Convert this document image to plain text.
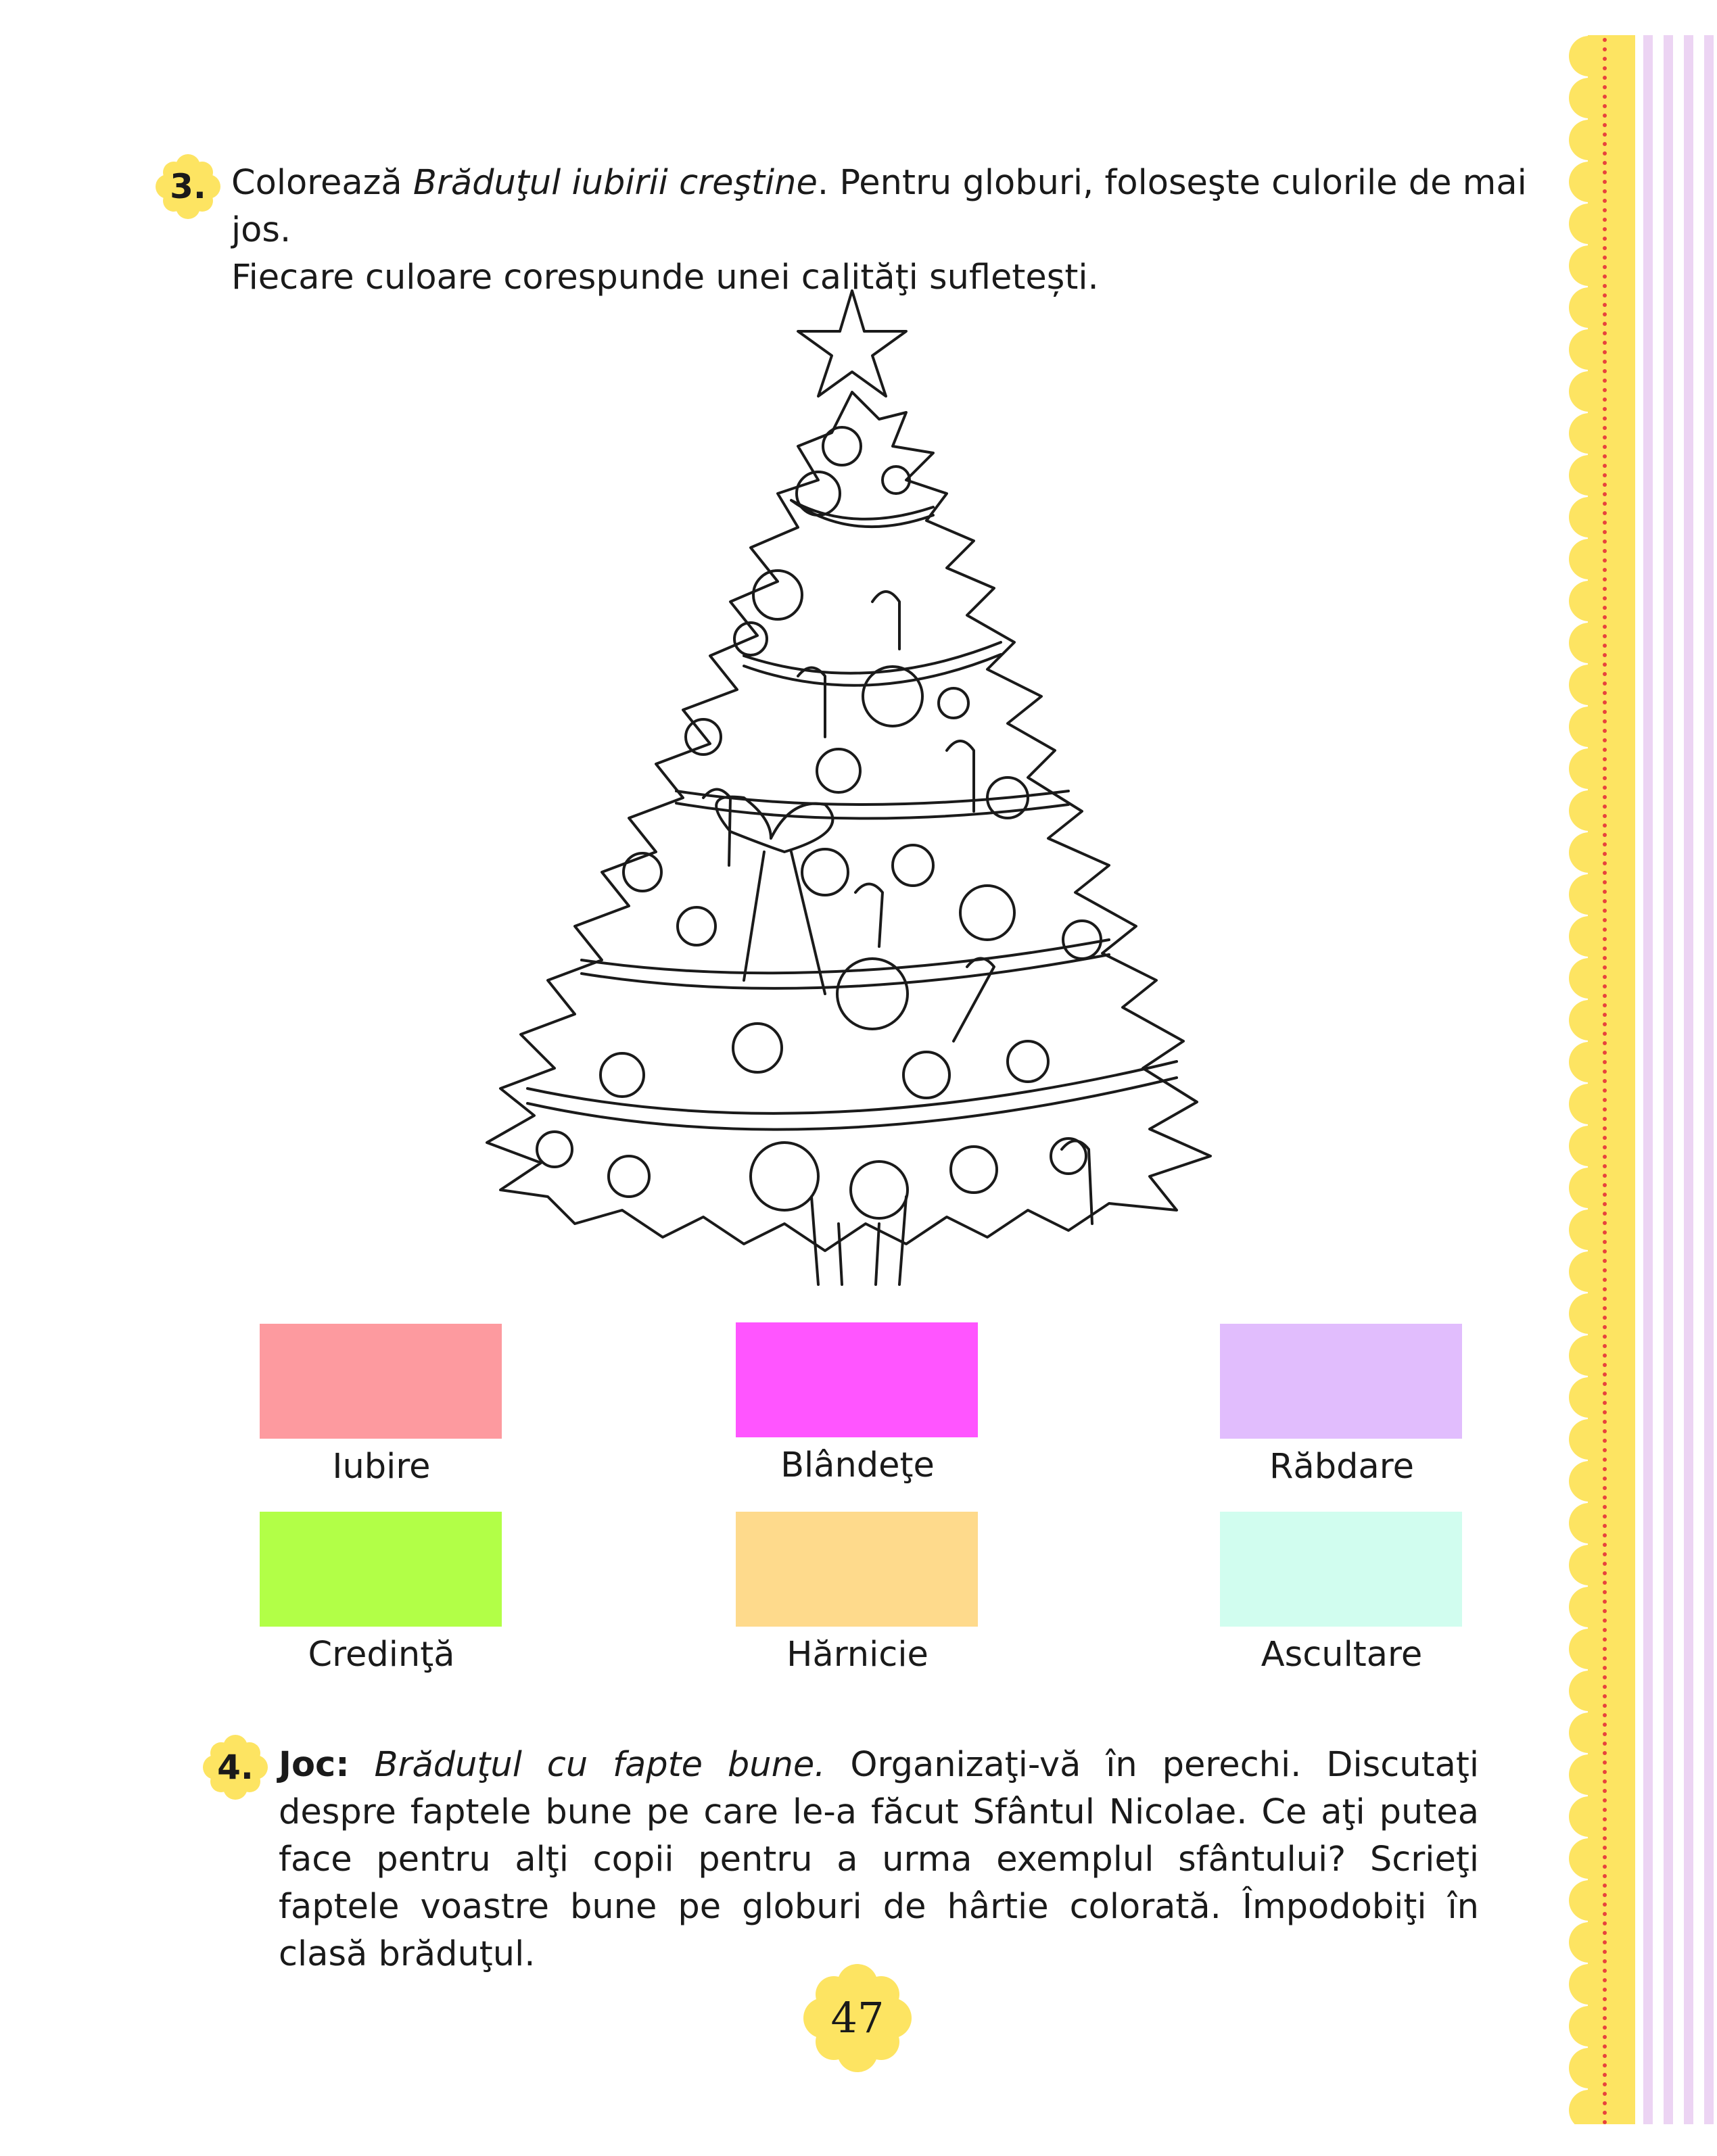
3. Colorează Brăduţul iubirii creştine. Pentru globuri, foloseşte culorile de mai jos.
Fiecare culoare corespunde unei calităţi sufletești.
Iubire	Blândeţe	Răbdare
Credinţă	Hărnicie	Ascultare
4. Joc: Brăduţul cu fapte bune. Organizaţi-vă în perechi. Discutaţi despre faptele bune pe care le-a făcut Sfântul Nicolae. Ce aţi putea face pentru alţi copii pentru a urma exemplul sfântului? Scrieţi faptele voastre bune pe globuri de hârtie colorată. Împodobiţi în clasă brăduţul.
47
